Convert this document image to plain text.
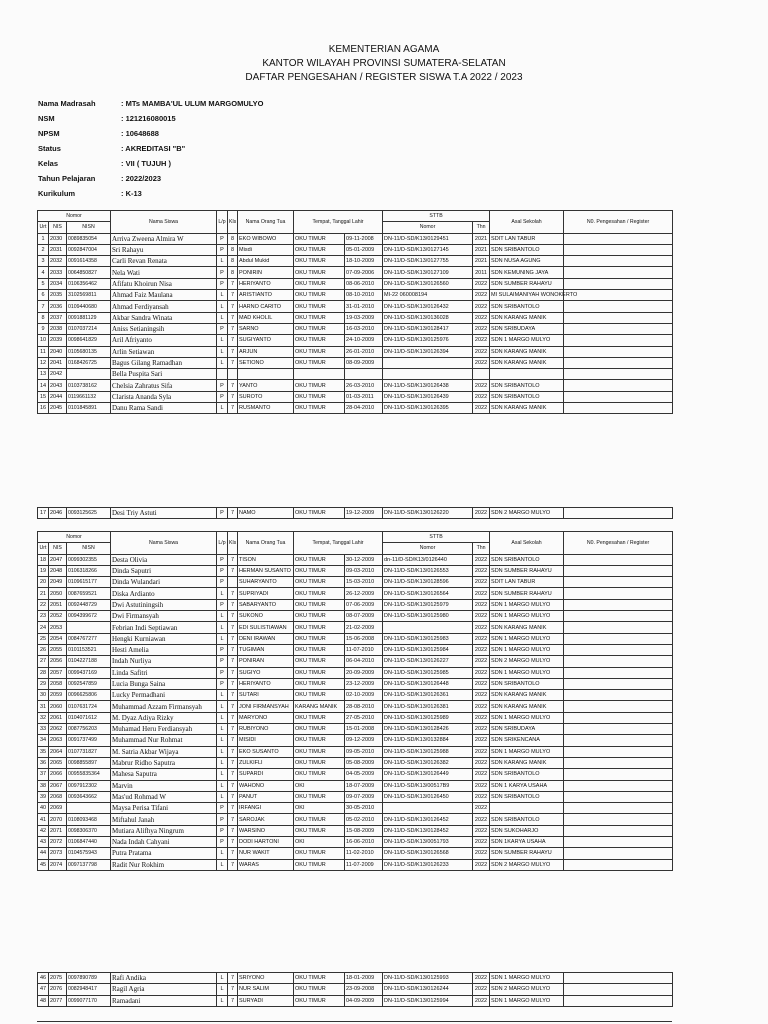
KEMENTERIAN AGAMA
KANTOR WILAYAH PROVINSI SUMATERA-SELATAN
DAFTAR PENGESAHAN / REGISTER SISWA T.A 2022 / 2023
Nama Madrasah	: MTs MAMBA'UL ULUM MARGOMULYO
NSM	: 121216080015
NPSM	: 10648688
Status	: AKREDITASI "B"
Kelas	: VII ( TUJUH )
Tahun Pelajaran	: 2022/2023
Kurikulum	: K-13
Nomor			Nama Siswa	L/p	Kls	Nama Orang Tua	Tempat, Tanggal Lahir		STTB		Asal Sekolah	N0. Pengesahan / Register
Urt	NIS	NISN							Nomor	Thn		
1	2030	0089835054	Arriva Zweena Almira W	P	8	EKO WIBOWO	OKU TIMUR	09-11-2008	DN-11/D-SD/K13/0129451	2021	SDIT LAN TABUR	
2	2031	0092847004	Sri Rahayu	P	8	Misdi	OKU TIMUR	05-01-2009	DN-11/D-SD/K13/0127145	2021	SDN SRIBANTOLO	
3	2032	0091614358	Carli Revan Renata	L	8	Abdul Mukid	OKU TIMUR	18-10-2009	DN-11/D-SD/K13/0127755	2021	SDN NUSA AGUNG	
4	2033	0064850827	Nela Wati	P	8	PONIRIN	OKU TIMUR	07-09-2006	DN-11/D-SD/K13/0127109	2011	SDN KEMUNING JAYA	
5	2034	0106356462	Afifatu Khoirun Nisa	P	7	HERIYANTO	OKU TIMUR	08-06-2010	DN-11/D-SD/K13/0126560	2022	SDN SUMBER RAHAYU	
6	2035	3102569811	Ahmad Faiz Maulana	L	7	ARISTIANTO	OKU TIMUR	08-10-2010	MI-22 060008194	2022	MI SULAIMANIYAH WONOKERTO	
7	2036	0109440680	Ahmad Ferdiyansah	L	7	HARNO CARITO	OKU TIMUR	31-01-2010	DN-11/D-SD/K13/0126432	2022	SDN SRIBANTOLO	
8	2037	0091881129	Akbar Sandra Winata	L	7	MAD KHOLIL	OKU TIMUR	19-03-2009	DN-11/D-SD/K13/0136028	2022	SDN KARANG MANIK	
9	2038	0107037214	Aniss Setianingsih	P	7	SARNO	OKU TIMUR	16-03-2010	DN-11/D-SD/K13/0128417	2022	SDN SRIBUDAYA	
10	2039	0098641829	Aril Afriyanto	L	7	SUGIYANTO	OKU TIMUR	24-10-2009	DN-11/D-SD/K13/0125976	2022	SDN 1 MARGO MULYO	
11	2040	0105680135	Arlin Setiawan	L	7	ARJUN	OKU TIMUR	26-01-2010	DN-11/D-SD/K13/0126394	2022	SDN KARANG MANIK	
12	2041	0168426725	Bagus Gilang Ramadhan	L	7	SETIONO	OKU TIMUR	08-09-2009		2022	SDN KARANG MANIK	
13	2042		Bella Puspita Sari									
14	2043	0103738162	Chelsia Zahratus Sifa	P	7	YANTO	OKU TIMUR	26-03-2010	DN-11/D-SD/K13/0126438	2022	SDN SRIBANTOLO	
15	2044	0119661132	Clarista Ananda Syla	P	7	SUROTO	OKU TIMUR	01-03-2011	DN-11/D-SD/K13/0126439	2022	SDN SRIBANTOLO	
16	2045	0101845891	Danu Rama Sandi	L	7	RUSMANTO	OKU TIMUR	28-04-2010	DN-11/D-SD/K13/0126395	2022	SDN KARANG MANIK	
17	2046	0093125625	Desi Triy Astuti	P	7	NAMO	OKU TIMUR	19-12-2009	DN-11/D-SD/K13/0126220	2022	SDN 2 MARGO MULYO	
Nomor			Nama Siswa	L/p	Kls	Nama Orang Tua	Tempat, Tanggal Lahir		STTB		Asal Sekolah	N0. Pengesahan / Register
Urt	NIS	NISN							Nomor	Thn		
18	2047	0099302355	Desta Olivia	P	7	TISON	OKU TIMUR	30-12-2009	dn-11/D-SD/K13/0126440	2022	SDN SRIBANTOLO	
19	2048	0106318266	Dinda Saputri	P	7	HERMAN SUSANTO	OKU TIMUR	09-03-2010	DN-11/D-SD/K13/0126553	2022	SDN SUMBER RAHAYU	
20	2049	0109615177	Dinda Wulandari	P		SUHARYANTO	OKU TIMUR	15-03-2010	DN-11/D-SD/K13/0128596	2022	SDIT LAN TABUR	
21	2050	0087659521	Diska Ardianto	L	7	SUPRIYADI	OKU TIMUR	26-12-2009	DN-11/D-SD/K13/0126564	2022	SDN SUMBER RAHAYU	
22	2051	0092448729	Dwi Astutiningsih	P	7	SABARYANTO	OKU TIMUR	07-06-2009	DN-11/D-SD/K13/0125979	2022	SDN 1 MARGO MULYO	
23	2052	0094399672	Dwi Firmansyah	L	7	SUKONO	OKU TIMUR	08-07-2009	DN-11/D-SD/K13/0125980	2022	SDN 1 MARGO MULYO	
24	2053		Febrian Indi Septiawan	L	7	EDI SULISTIAWAN	OKU TIMUR	21-02-2009		2022	SDN KARANG MANIK	
25	2054	0084767277	Hengki Kurniawan	L	7	DENI IRAWAN	OKU TIMUR	15-06-2008	DN-11/D-SD/K13/0125983	2022	SDN 1 MARGO MULYO	
26	2055	0101153521	Hesti Amelia	P	7	TUGIMAN	OKU TIMUR	11-07-2010	DN-11/D-SD/K13/0125984	2022	SDN 1 MARGO MULYO	
27	2056	0104227188	Indah Nurliya	P	7	PONIRAN	OKU TIMUR	06-04-2010	DN-11/D-SD/K13/0126227	2022	SDN 2 MARGO MULYO	
28	2057	0099437169	Linda Safitri	P	7	SUGIYO	OKU TIMUR	20-09-2009	DN-11/D-SD/K13/0125985	2022	SDN 1 MARGO MULYO	
29	2058	0092547859	Lucia Bunga Saina	P	7	HERIYANTO	OKU TIMUR	23-12-2009	DN-11/D-SD/K13/0126448	2022	SDN SRIBANTOLO	
30	2059	0096625806	Lucky Permadhani	L	7	SUTARI	OKU TIMUR	02-10-2009	DN-11/D-SD/K13/0126361	2022	SDN KARANG MANIK	
31	2060	0107631724	Muhammad Azzam Firmansyah	L	7	JONI FIRMANSYAH	KARANG MANIK	28-08-2010	DN-11/D-SD/K13/0126381	2022	SDN KARANG MANIK	
32	2061	0104071612	M. Dyaz Adiya Rizky	L	7	MARYONO	OKU TIMUR	27-05-2010	DN-11/D-SD/K13/0125989	2022	SDN 1 MARGO MULYO	
33	2062	0087756203	Muhamad Heru Ferdiansyah	L	7	RUBIYONO	OKU TIMUR	15-01-2008	DN-11/D-SD/K13/0128426	2022	SDN SRIBUDAYA	
34	2063	0091737499	Muhammad Nur Rohmat	L	7	MISIDI	OKU TIMUR	09-12-2009	DN-11/D-SD/K13/0132884	2022	SDN SRIKENCANA	
35	2064	0107731827	M. Satria Akbar Wijaya	L	7	EKO SUSANTO	OKU TIMUR	09-05-2010	DN-11/D-SD/K13/0125988	2022	SDN 1 MARGO MULYO	
36	2065	0098855897	Mabrur Ridho Saputra	L	7	ZULKIFLI	OKU TIMUR	05-08-2009	DN-11/D-SD/K13/0126382	2022	SDN KARANG MANIK	
37	2066	00955835364	Mahesa Saputra	L	7	SUPARDI	OKU TIMUR	04-05-2009	DN-11/D-SD/K13/0126449	2022	SDN SRIBANTOLO	
38	2067	0097912302	Marvin	L	7	WAHONO	OKI	18-07-2009	DN-11/D-SD/K13/00517B9	2022	SDN 1 KARYA USAHA	
39	2068	0093643662	Mas'ud Rohmad W	L	7	PANUT	OKU TIMUR	09-07-2009	DN-11/D-SD/K13/0126450	2022	SDN SRIBANTOLO	
40	2069		Maysa Perisa Tifani	P	7	IRFANGI	OKI	30-05-2010		2022		
41	2070	0108093468	Miftahul Janah	P	7	SAROJAK	OKU TIMUR	05-02-2010	DN-11/D-SD/K13/0126452	2022	SDN SRIBANTOLO	
42	2071	0098306370	Mutiara Alifhya Ningrum	P	7	WARSINO	OKU TIMUR	15-08-2009	DN-11/D-SD/K13/0128452	2022	SDN SUKOHARJO	
43	2072	0106847440	Nada Indah Cahyani	P	7	DODI HARTONI	OKI	16-06-2010	DN-11/D-SD/K13/0051793	2022	SDN 1KARYA USAHA	
44	2073	0104575943	Putra Pratama	L	7	NUR WAKIT	OKU TIMUR	11-02-2010	DN-11/D-SD/K13/0126568	2022	SDN SUMBER RAHAYU	
45	2074	0097137798	Radit Nur Rokhim	L	7	WARAS	OKU TIMUR	11-07-2009	DN-11/D-SD/K13/0126233	2022	SDN 2 MARGO MULYO	
46	2075	0097890789	Rafi Andika	L	7	SRIYONO	OKU TIMUR	18-01-2009	DN-11/D-SD/K13/0125993	2022	SDN 1 MARGO MULYO	
47	2076	0082948417	Ragil Agria	L	7	NUR SALIM	OKU TIMUR	23-09-2008	DN-11/D-SD/K13/0126244	2022	SDN 2 MARGO MULYO	
48	2077	0099077170	Ramadani	L	7	SURYADI	OKU TIMUR	04-09-2009	DN-11/D-SD/K13/0125994	2022	SDN 1 MARGO MULYO	
